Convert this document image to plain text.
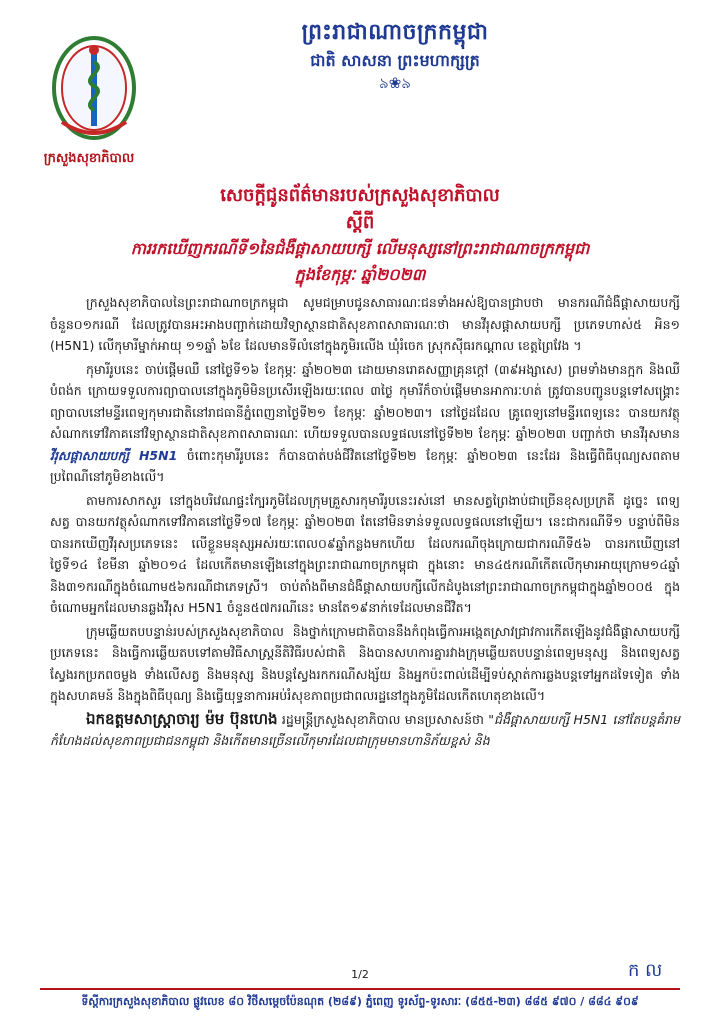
ក្រសួងសុខាភិបាល

ព្រះរាជាណាចក្រកម្ពុជា

ជាតិ សាសនា ព្រះមហាក្សត្រ

৯❀৯

សេចក្តីជូនព័ត៌មានរបស់ក្រសួងសុខាភិបាល

ស្តីពី

ការរកឃើញករណីទី១នៃជំងឺផ្តាសាយបក្សី លើមនុស្សនៅព្រះរាជាណាចក្រកម្ពុជា

ក្នុងខែកុម្ភៈ ឆ្នាំ២០២៣

ក្រសួងសុខាភិបាលនៃព្រះរាជាណាចក្រកម្ពុជា សូមជម្រាបជូនសាធារណៈជនទាំងអស់ឱ្យបានជ្រាបថា មានករណីជំងឺផ្តាសាយបក្សីចំនួន០១ករណី ដែលត្រូវបានអះអាងបញ្ជាក់ដោយវិទ្យាស្ថានជាតិសុខភាពសាធារណៈថា មានវីរុសផ្តាសាយបក្សី ប្រភេទហាស់៥ អិន១ (H5N1) លើកុមារីម្នាក់អាយុ ១១ឆ្នាំ ៦ខែ ដែលមានទីលំនៅក្នុងភូមិរលើង ឃុំរំចេក ស្រុកស៊ីធរកណ្តាល ខេត្តព្រៃវែង ។

កុមារីរូបនេះ ចាប់ផ្តើមឈឺ នៅថ្ងៃទី១៦ ខែកុម្ភៈ ឆ្នាំ២០២៣ ដោយមានរោគសញ្ញាគ្រុនក្តៅ (៣៩អង្សាសេ) ព្រមទាំងមានក្អក និងឈឺបំពង់ក ក្រោយទទួលការព្យាបាលនៅក្នុងភូមិមិនប្រសើរឡើងរយៈពេល ៣ថ្ងៃ កុមារីក៏ចាប់ផ្តើមមានអាការៈហត់ ត្រូវបានបញ្ជូនបន្តទៅសង្គ្រោះព្យាបាលនៅមន្ទីរពេទ្យកុមារជាតិនៅរាជធានីភ្នំពេញនាថ្ងៃទី២១ ខែកុម្ភៈ ឆ្នាំ២០២៣។ នៅថ្ងៃដដែល គ្រូពេទ្យនៅមន្ទីរពេទ្យនេះ បានយកវត្ថុសំណាកទៅវិភាគនៅវិទ្យាស្ថានជាតិសុខភាពសាធារណៈ ហើយទទួលបានលទ្ធផលនៅថ្ងៃទី២២ ខែកុម្ភៈ ឆ្នាំ២០២៣ បញ្ជាក់ថា មានវីរុសមាន វីរុសផ្តាសាយបក្សី H5N1 ចំពោះកុមារីរូបនេះ ក៏បានបាត់បង់ជីវិតនៅថ្ងៃទី២២ ខែកុម្ភៈ ឆ្នាំ២០២៣ នេះដែរ និងធ្វើពិធីបុណ្យសពតាមប្រពៃណីនៅភូមិខាងលើ។

តាមការសាកសួរ នៅក្នុងបរិវេណផ្ទះក្បែរភូមិដែលក្រុមគ្រួសារកុមារីរូបនេះរស់នៅ មានសត្វព្រៃងាប់ជាច្រើនខុសប្រក្រតី ដូច្នេះ ពេទ្យសត្វ បានយកវត្ថុសំណាកទៅវិភាគនៅថ្ងៃទី១៧ ខែកុម្ភៈ ឆ្នាំ២០២៣ តែនៅមិនទាន់ទទួលលទ្ធផលនៅឡើយ។ នេះជាករណីទី១ បន្ទាប់ពីមិនបានរកឃើញវីរុសប្រភេទនេះ លើខ្លួនមនុស្សអស់រយៈពេល០៩ឆ្នាំកន្លងមកហើយ ដែលករណីចុងក្រោយជាករណីទី៥៦ បានរកឃើញនៅថ្ងៃទី១៤ ខែមីនា ឆ្នាំ២០១៤ ដែលកើតមានឡើងនៅក្នុងព្រះរាជាណាចក្រកម្ពុជា ក្នុងនោះ មាន៤៥ករណីកើតលើកុមារអាយុក្រោម១៤ឆ្នាំ និង៣១ករណីក្នុងចំណោម៥៦ករណីជាភេទស្រី។ ចាប់តាំងពីមានជំងឺផ្តាសាយបក្សីលើកដំបូងនៅព្រះរាជាណាចក្រកម្ពុជាក្នុងឆ្នាំ២០០៥ ក្នុងចំណោមអ្នកដែលមានឆ្លងវីរុស H5N1 ចំនួន៥៧ករណីនេះ មានតែ១៩នាក់ទេដែលមានជីវិត។

ក្រុមឆ្លើយតបបន្ទាន់របស់ក្រសួងសុខាភិបាល និងថ្នាក់ក្រោមជាតិបាននឹងកំពុងធ្វើការអង្កេតស្រាវជ្រាវការកើតឡើងនូវជំងឺផ្តាសាយបក្សីប្រភេទនេះ និងធ្វើការឆ្លើយតបទៅតាមវិធីសាស្ត្រនីតិវិធីរបស់ជាតិ និងបានសហការគ្នារវាងក្រុមឆ្លើយតបបន្ទាន់ពេទ្យមនុស្ស និងពេទ្យសត្វ ស្វែងរកប្រភពចម្លង ទាំងលើសត្វ និងមនុស្ស និងបន្តស្វែងរកករណីសង្ស័យ និងអ្នកប៉ះពាល់ដើម្បីទប់ស្កាត់ការឆ្លងបន្តទៅអ្នកដទៃទៀត ទាំងក្នុងសហគមន៍ និងក្នុងពិធីបុណ្យ និងធ្វើយុទ្ធនាការអប់រំសុខភាពប្រជាពលរដ្ឋនៅក្នុងភូមិដែលកើតហេតុខាងលើ។

ឯកឧត្តមសាស្ត្រាចារ្យ ម៉ម ប៊ុនហេង រដ្ឋមន្ត្រីក្រសួងសុខាភិបាល មានប្រសាសន៍ថា "ជំងឺផ្តាសាយបក្សី H5N1 នៅតែបន្តគំរាមកំហែងដល់សុខភាពប្រជាជនកម្ពុជា និងកើតមានច្រើនលើកុមារដែលជាក្រុមមានហានិភ័យខ្ពស់ និង

1/2	ក ល
ទីស្តីការក្រសួងសុខាភិបាល ផ្លូវលេខ ៨០ វិថីសម្តេចប៉ែនណុត (២៨៩) ភ្នំពេញ ទូរស័ព្ទ-ទូរសារៈ (៨៥៥-២៣) ៨៨៥ ៩៧០ / ៨៨៤ ៩០៩
